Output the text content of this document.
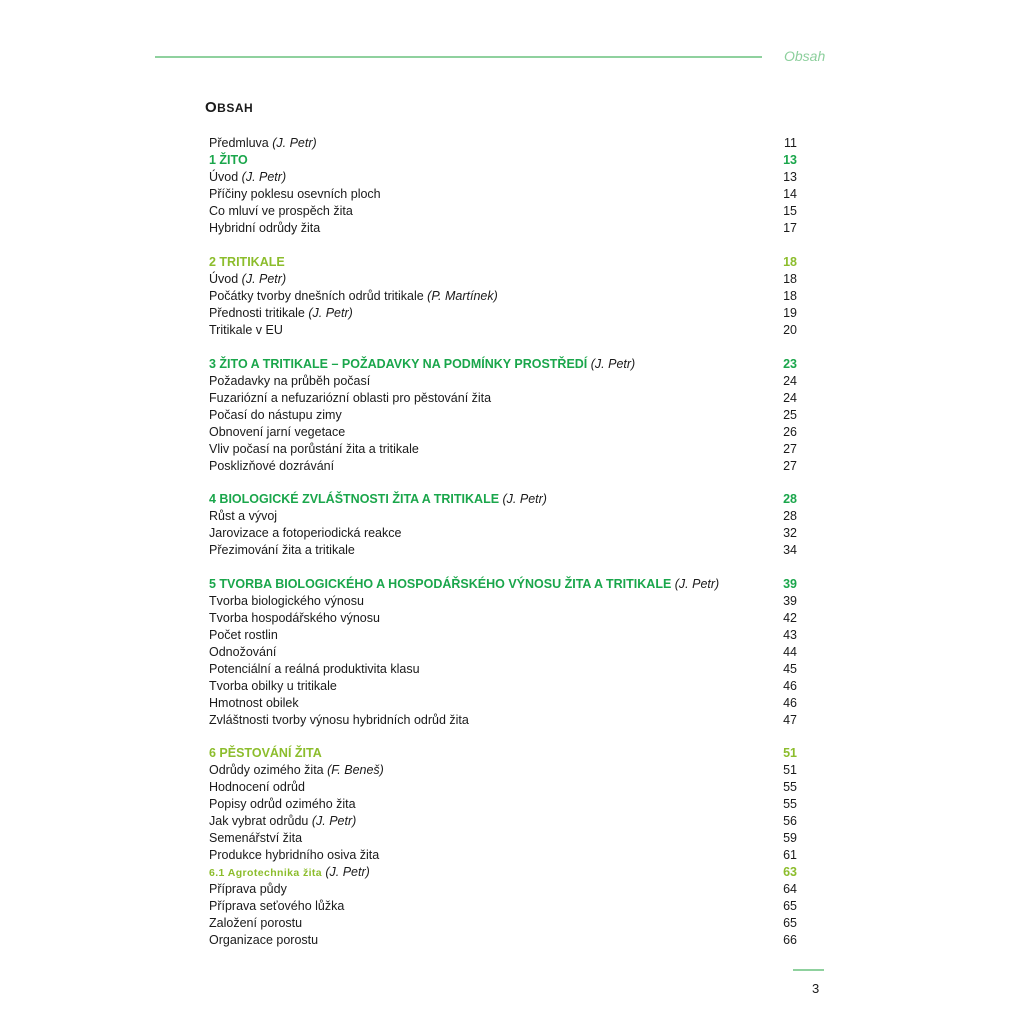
Obsah
OBSAH
Předmluva (J. Petr)	11
1 ŽITO	13
Úvod (J. Petr)	13
Příčiny poklesu osevních ploch	14
Co mluví ve prospěch žita	15
Hybridní odrůdy žita	17
2 TRITIKALE	18
Úvod (J. Petr)	18
Počátky tvorby dnešních odrůd tritikale (P. Martínek)	18
Přednosti tritikale (J. Petr)	19
Tritikale v EU	20
3 ŽITO A TRITIKALE – POŽADAVKY NA PODMÍNKY PROSTŘEDÍ (J. Petr)	23
Požadavky na průběh počasí	24
Fuzariózní a nefuzariózní oblasti pro pěstování žita	24
Počasí do nástupu zimy	25
Obnovení jarní vegetace	26
Vliv počasí na porůstání žita a tritikale	27
Posklizňové dozrávání	27
4 BIOLOGICKÉ ZVLÁŠTNOSTI ŽITA A TRITIKALE (J. Petr)	28
Růst a vývoj	28
Jarovizace a fotoperiodická reakce	32
Přezimování žita a tritikale	34
5 TVORBA BIOLOGICKÉHO A HOSPODÁŘSKÉHO VÝNOSU ŽITA A TRITIKALE (J. Petr)	39
Tvorba biologického výnosu	39
Tvorba hospodářského výnosu	42
Počet rostlin	43
Odnožování	44
Potenciální a reálná produktivita klasu	45
Tvorba obilky u tritikale	46
Hmotnost obilek	46
Zvláštnosti tvorby výnosu hybridních odrůd žita	47
6 PĚSTOVÁNÍ ŽITA	51
Odrůdy ozimého žita (F. Beneš)	51
Hodnocení odrůd	55
Popisy odrůd ozimého žita	55
Jak vybrat odrůdu (J. Petr)	56
Semenářství žita	59
Produkce hybridního osiva žita	61
6.1 Agrotechnika žita (J. Petr)	63
Příprava půdy	64
Příprava seťového lůžka	65
Založení porostu	65
Organizace porostu	66
3
